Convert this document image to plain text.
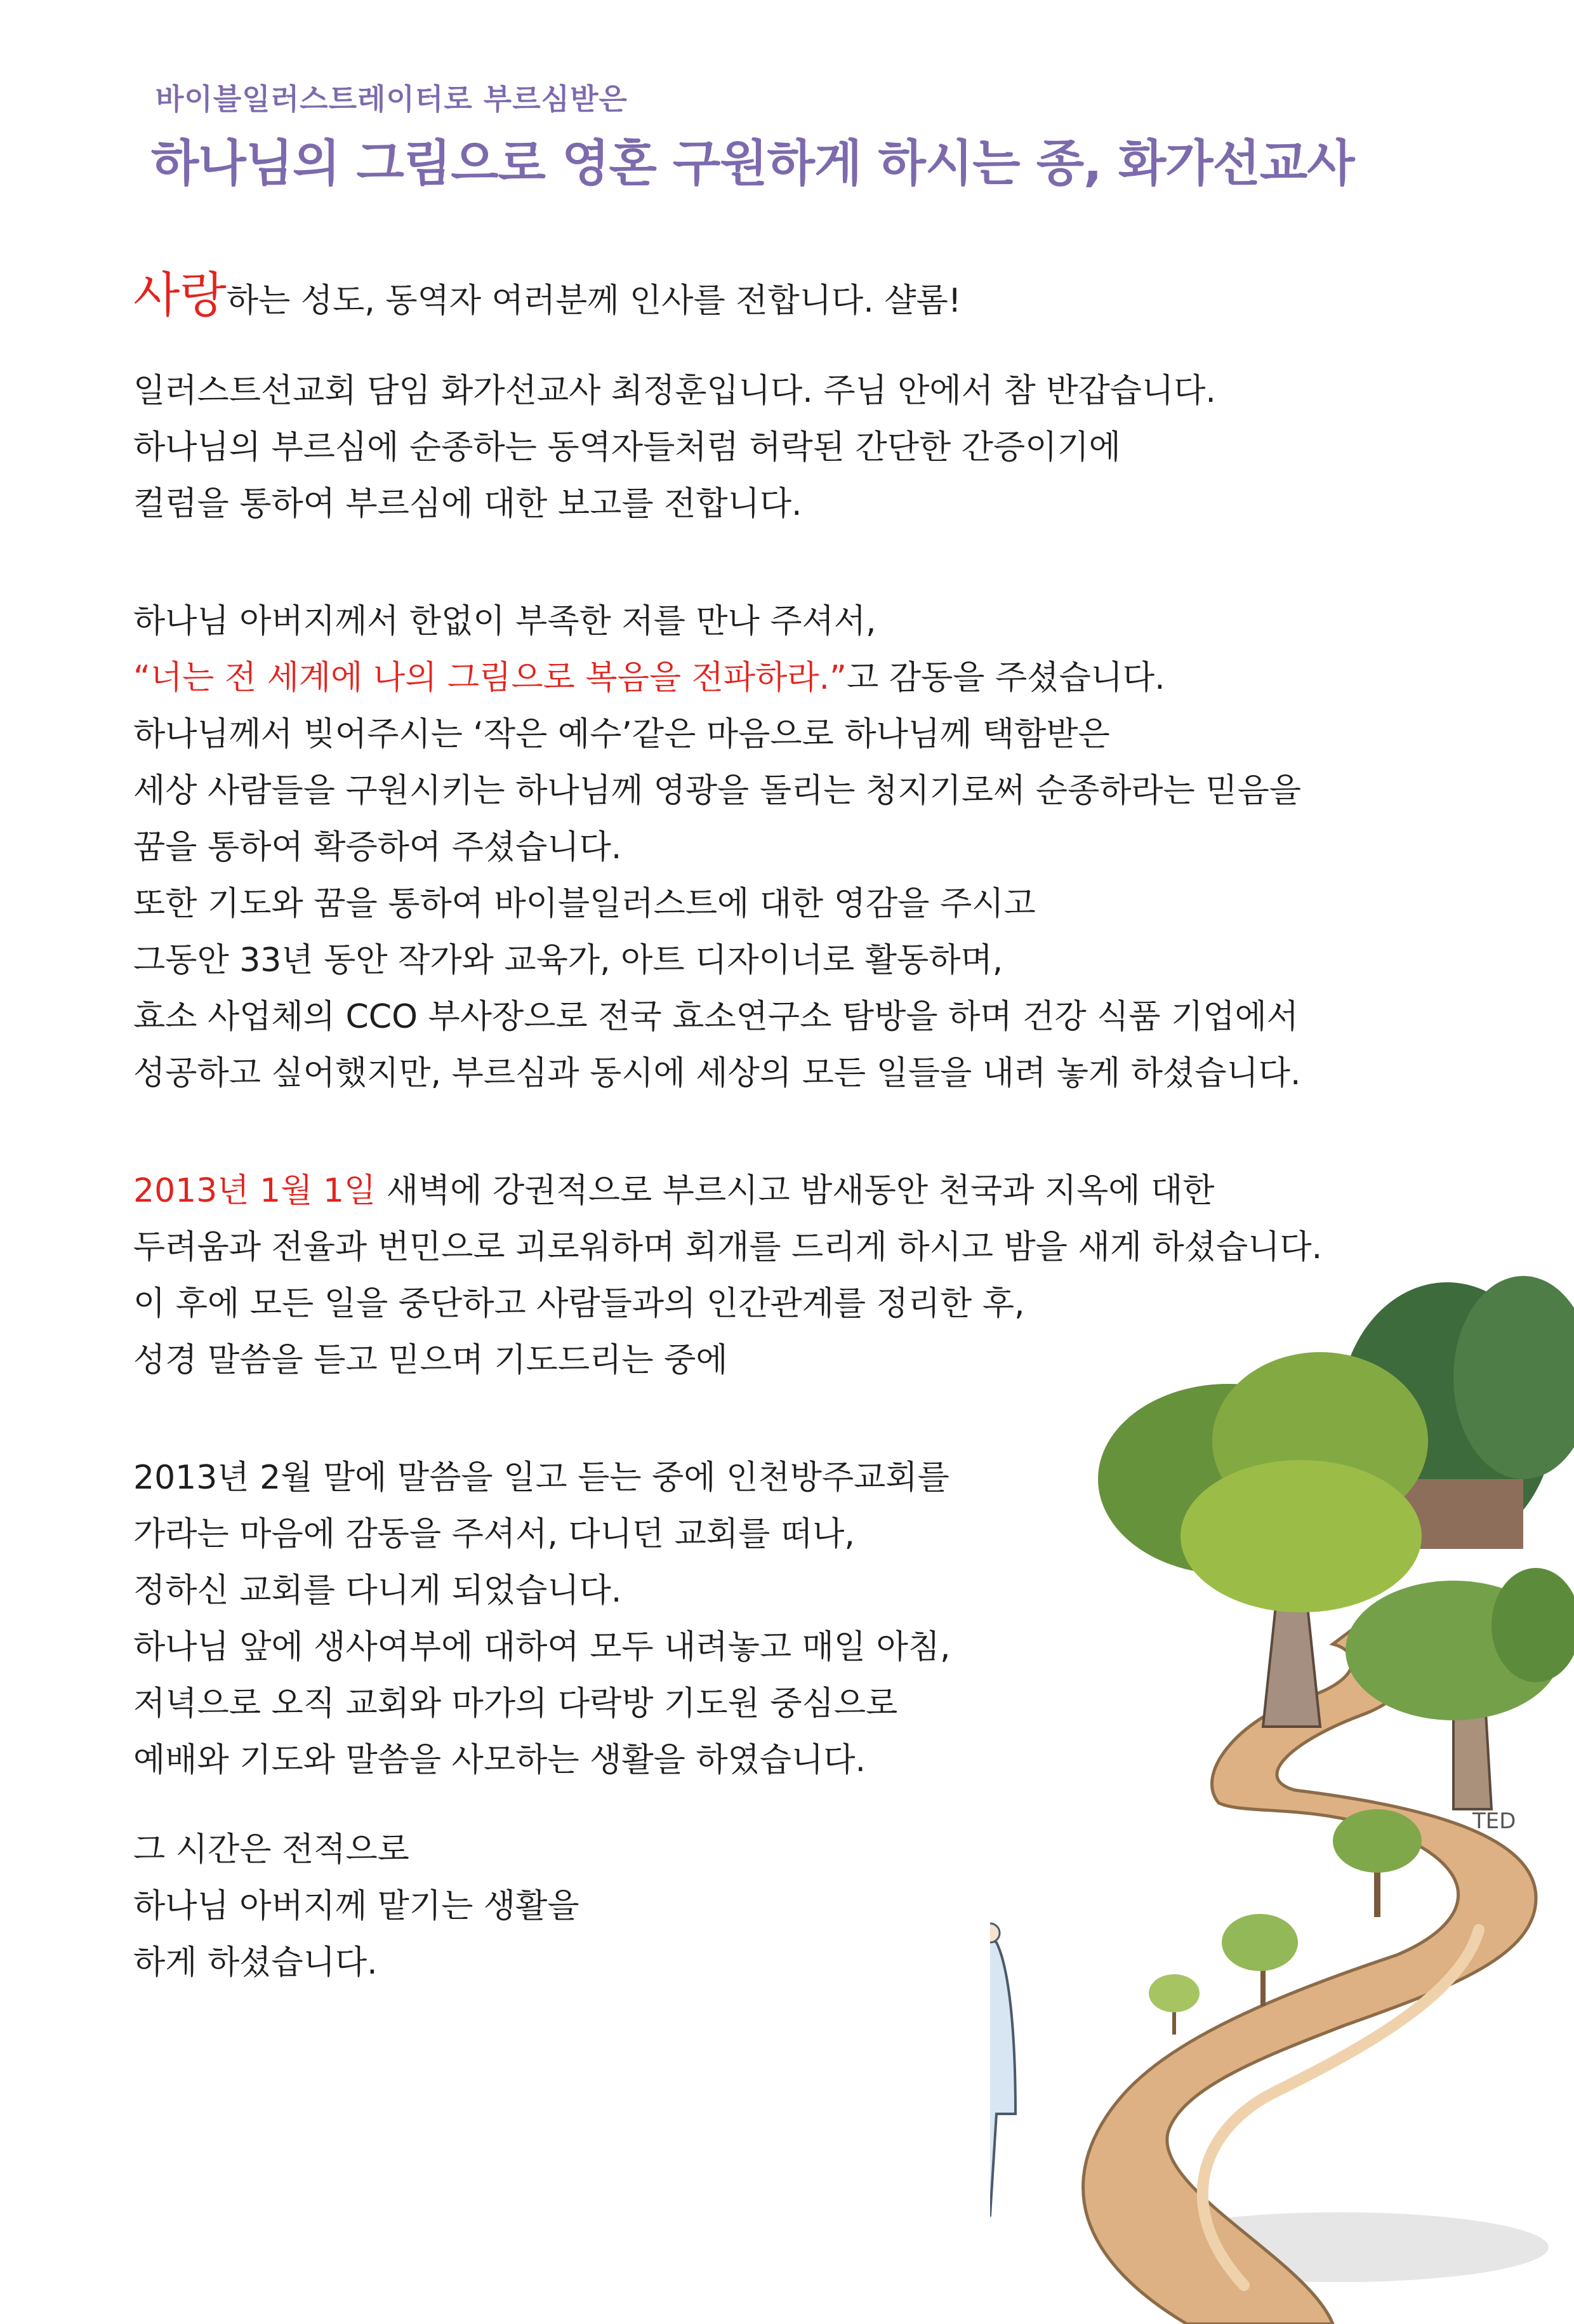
바이블일러스트레이터로 부르심받은
하나님의 그림으로 영혼 구원하게 하시는 종, 화가선교사
사랑하는 성도, 동역자 여러분께 인사를 전합니다. 샬롬!
일러스트선교회 담임 화가선교사 최정훈입니다. 주님 안에서 참 반갑습니다.
하나님의 부르심에 순종하는 동역자들처럼 허락된 간단한 간증이기에
컬럼을 통하여 부르심에 대한 보고를 전합니다.
하나님 아버지께서 한없이 부족한 저를 만나 주셔서,
“너는 전 세계에 나의 그림으로 복음을 전파하라.”고 감동을 주셨습니다.
하나님께서 빚어주시는 ‘작은 예수’같은 마음으로 하나님께 택함받은
세상 사람들을 구원시키는 하나님께 영광을 돌리는 청지기로써 순종하라는 믿음을
꿈을 통하여 확증하여 주셨습니다.
또한 기도와 꿈을 통하여 바이블일러스트에 대한 영감을 주시고
그동안 33년 동안 작가와 교육가, 아트 디자이너로 활동하며,
효소 사업체의 CCO 부사장으로 전국 효소연구소 탐방을 하며 건강 식품 기업에서
성공하고 싶어했지만, 부르심과 동시에 세상의 모든 일들을 내려 놓게 하셨습니다.
2013년 1월 1일 새벽에 강권적으로 부르시고 밤새동안 천국과 지옥에 대한
두려움과 전율과 번민으로 괴로워하며 회개를 드리게 하시고 밤을 새게 하셨습니다.
이 후에 모든 일을 중단하고 사람들과의 인간관계를 정리한 후,
성경 말씀을 듣고 믿으며 기도드리는 중에
2013년 2월 말에 말씀을 일고 듣는 중에 인천방주교회를
가라는 마음에 감동을 주셔서, 다니던 교회를 떠나,
정하신 교회를 다니게 되었습니다.
하나님 앞에 생사여부에 대하여 모두 내려놓고 매일 아침,
저녁으로 오직 교회와 마가의 다락방 기도원 중심으로
예배와 기도와 말씀을 사모하는 생활을 하였습니다.
그 시간은 전적으로
하나님 아버지께 맡기는 생활을
하게 하셨습니다.
TED
